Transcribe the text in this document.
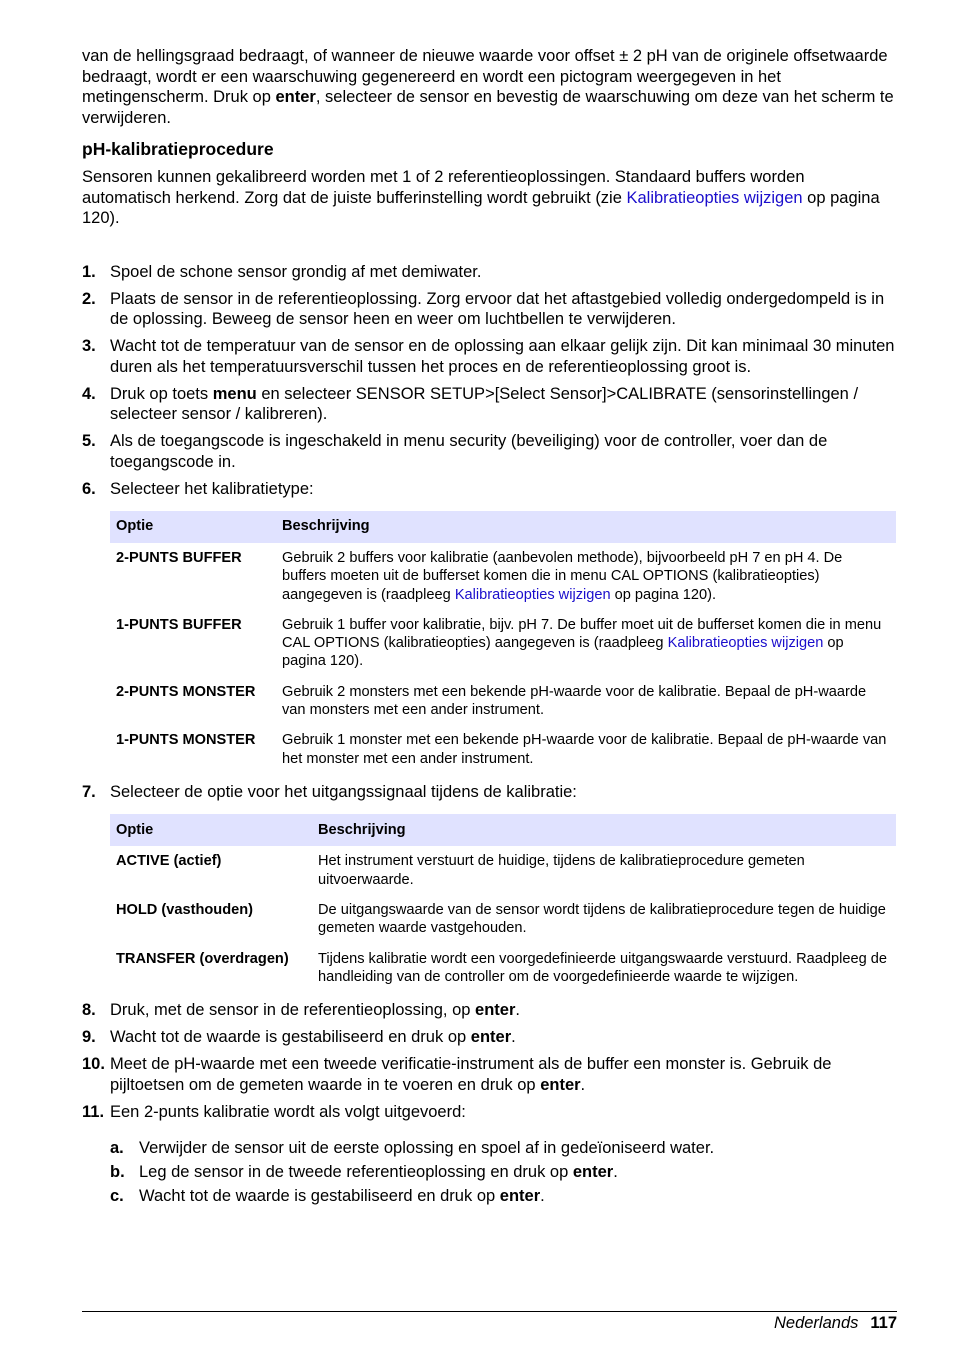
van de hellingsgraad bedraagt, of wanneer de nieuwe waarde voor offset ± 2 pH van de originele offsetwaarde bedraagt, wordt er een waarschuwing gegenereerd en wordt een pictogram weergegeven in het metingenscherm. Druk op enter, selecteer de sensor en bevestig de waarschuwing om deze van het scherm te verwijderen.

pH-kalibratieprocedure

Sensoren kunnen gekalibreerd worden met 1 of 2 referentieoplossingen. Standaard buffers worden automatisch herkend. Zorg dat de juiste bufferinstelling wordt gebruikt (zie Kalibratieopties wijzigen op pagina 120).

1. Spoel de schone sensor grondig af met demiwater.
2. Plaats de sensor in de referentieoplossing. Zorg ervoor dat het aftastgebied volledig ondergedompeld is in de oplossing. Beweeg de sensor heen en weer om luchtbellen te verwijderen.
3. Wacht tot de temperatuur van de sensor en de oplossing aan elkaar gelijk zijn. Dit kan minimaal 30 minuten duren als het temperatuursverschil tussen het proces en de referentieoplossing groot is.
4. Druk op toets menu en selecteer SENSOR SETUP>[Select Sensor]>CALIBRATE (sensorinstellingen / selecteer sensor / kalibreren).
5. Als de toegangscode is ingeschakeld in menu security (beveiliging) voor de controller, voer dan de toegangscode in.
6. Selecteer het kalibratietype:
Optie	Beschrijving
2-PUNTS BUFFER	Gebruik 2 buffers voor kalibratie (aanbevolen methode), bijvoorbeeld pH 7 en pH 4. De buffers moeten uit de bufferset komen die in menu CAL OPTIONS (kalibratieopties) aangegeven is (raadpleeg Kalibratieopties wijzigen op pagina 120).
1-PUNTS BUFFER	Gebruik 1 buffer voor kalibratie, bijv. pH 7. De buffer moet uit de bufferset komen die in menu CAL OPTIONS (kalibratieopties) aangegeven is (raadpleeg Kalibratieopties wijzigen op pagina 120).
2-PUNTS MONSTER	Gebruik 2 monsters met een bekende pH-waarde voor de kalibratie. Bepaal de pH-waarde van monsters met een ander instrument.
1-PUNTS MONSTER	Gebruik 1 monster met een bekende pH-waarde voor de kalibratie. Bepaal de pH-waarde van het monster met een ander instrument.
7. Selecteer de optie voor het uitgangssignaal tijdens de kalibratie:
Optie	Beschrijving
ACTIVE (actief)	Het instrument verstuurt de huidige, tijdens de kalibratieprocedure gemeten uitvoerwaarde.
HOLD (vasthouden)	De uitgangswaarde van de sensor wordt tijdens de kalibratieprocedure tegen de huidige gemeten waarde vastgehouden.
TRANSFER (overdragen)	Tijdens kalibratie wordt een voorgedefinieerde uitgangswaarde verstuurd. Raadpleeg de handleiding van de controller om de voorgedefinieerde waarde te wijzigen.
8. Druk, met de sensor in de referentieoplossing, op enter.
9. Wacht tot de waarde is gestabiliseerd en druk op enter.
10. Meet de pH-waarde met een tweede verificatie-instrument als de buffer een monster is. Gebruik de pijltoetsen om de gemeten waarde in te voeren en druk op enter.
11. Een 2-punts kalibratie wordt als volgt uitgevoerd:
a. Verwijder de sensor uit de eerste oplossing en spoel af in gedeïoniseerd water.
b. Leg de sensor in de tweede referentieoplossing en druk op enter.
c. Wacht tot de waarde is gestabiliseerd en druk op enter.
Nederlands 117
